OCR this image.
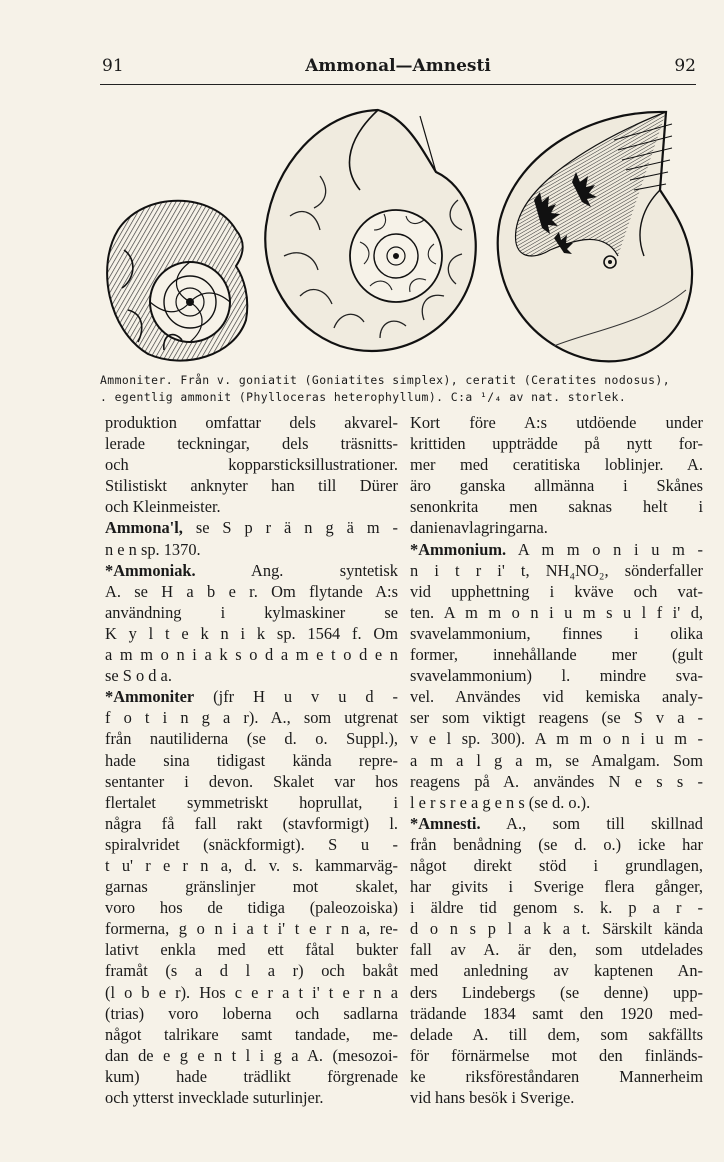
91	Ammonal—Amnesti	92
Ammoniter. Från v. goniatit (Goniatites simplex), ceratit (Ceratites nodosus),
. egentlig ammonit (Phylloceras heterophyllum). C:a ¹/₄ av nat. storlek.
produktion omfattar dels akvarel-
lerade teckningar, dels träsnitts-
och kopparsticksillustrationer.
Stilistiskt anknyter han till Dürer
och Kleinmeister.
Ammona'l, se S p r ä n g ä m -
n e n sp. 1370.
*Ammoniak. Ang. syntetisk
A. se H a b e r. Om flytande A:s
användning i kylmaskiner se
K y l t e k n i k sp. 1564 f. Om
a m m o n i a k s o d a m e t o d e n
se S o d a.
*Ammoniter (jfr H u v u d -
f o t i n g a r). A., som utgrenat
från nautiliderna (se d. o. Suppl.),
hade sina tidigast kända repre-
sentanter i devon. Skalet var hos
flertalet symmetriskt hoprullat, i
några få fall rakt (stavformigt) l.
spiralvridet (snäckformigt). S u -
t u' r e r n a, d. v. s. kammarväg-
garnas gränslinjer mot skalet,
voro hos de tidiga (paleozoiska)
formerna, g o n i a t i' t e r n a, re-
lativt enkla med ett fåtal bukter
framåt (s a d l a r) och bakåt
(l o b e r). Hos c e r a t i' t e r n a
(trias) voro loberna och sadlarna
något talrikare samt tandade, me-
dan de e g e n t l i g a A. (mesozoi-
kum) hade trädlikt förgrenade
och ytterst invecklade suturlinjer.
Kort före A:s utdöende under
krittiden uppträdde på nytt for-
mer med ceratitiska loblinjer. A.
äro ganska allmänna i Skånes
senonkrita men saknas helt i
danienavlagringarna.
*Ammonium. A m m o n i u m -
n i t r i' t, NH₄NO₂, sönderfaller
vid upphettning i kväve och vat-
ten. A m m o n i u m s u l f i' d,
svavelammonium, finnes i olika
former, innehållande mer (gult
svavelammonium) l. mindre sva-
vel. Användes vid kemiska analy-
ser som viktigt reagens (se S v a -
v e l sp. 300). A m m o n i u m -
a m a l g a m, se Amalgam. Som
reagens på A. användes N e s s -
l e r s r e a g e n s (se d. o.).
*Amnesti. A., som till skillnad
från benådning (se d. o.) icke har
något direkt stöd i grundlagen,
har givits i Sverige flera gånger,
i äldre tid genom s. k. p a r -
d o n s p l a k a t. Särskilt kända
fall av A. är den, som utdelades
med anledning av kaptenen An-
ders Lindebergs (se denne) upp-
trädande 1834 samt den 1920 med-
delade A. till dem, som sakfällts
för förnärmelse mot den finländs-
ke riksföreståndaren Mannerheim
vid hans besök i Sverige.
